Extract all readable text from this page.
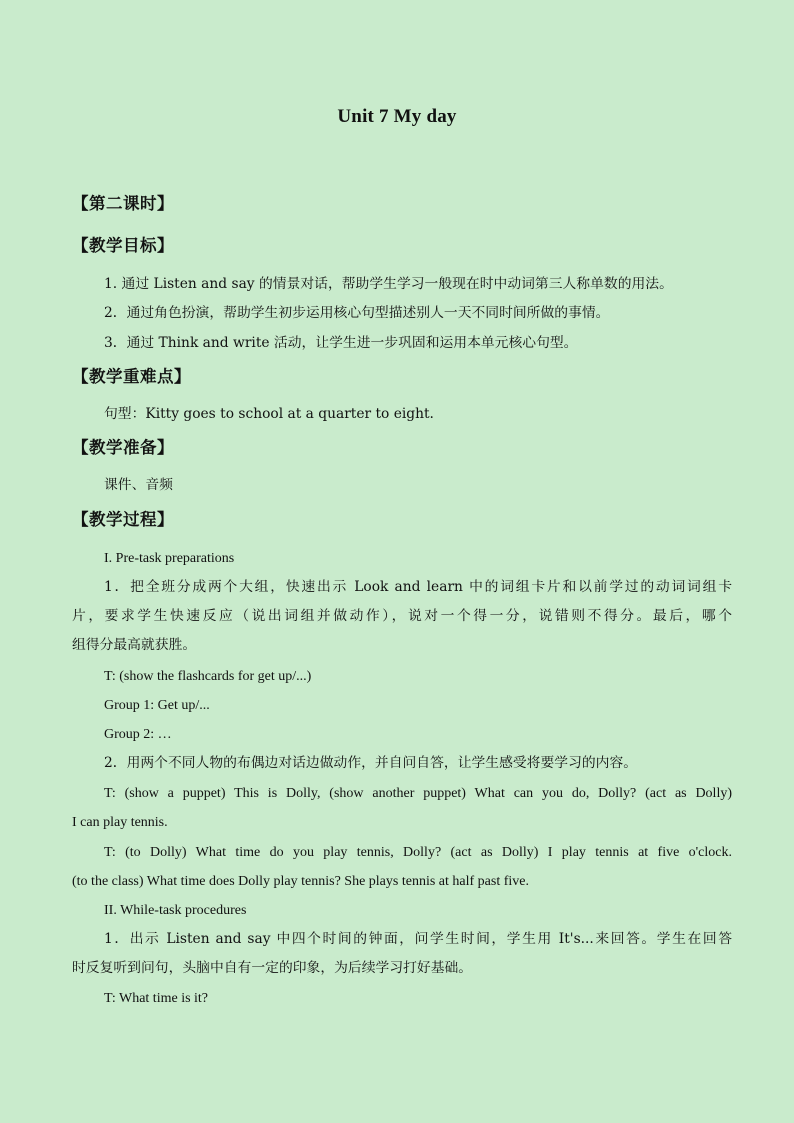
Unit 7 My day
【第二课时】
【教学目标】
1. 通过 Listen and say 的情景对话，帮助学生学习一般现在时中动词第三人称单数的用法。
2．通过角色扮演，帮助学生初步运用核心句型描述别人一天不同时间所做的事情。
3．通过 Think and write 活动，让学生进一步巩固和运用本单元核心句型。
【教学重难点】
句型：Kitty goes to school at a quarter to eight.
【教学准备】
课件、音频
【教学过程】
I. Pre-task preparations
1．把全班分成两个大组，快速出示 Look and learn 中的词组卡片和以前学过的动词词组卡
片，要求学生快速反应（说出词组并做动作），说对一个得一分，说错则不得分。最后，哪个
组得分最高就获胜。
T: (show the flashcards for get up/...)
Group 1: Get up/...
Group 2: …
2．用两个不同人物的布偶边对话边做动作，并自问自答，让学生感受将要学习的内容。
T: (show a puppet) This is Dolly, (show another puppet) What can you do, Dolly? (act as Dolly)
I can play tennis.
T: (to Dolly) What time do you play tennis, Dolly? (act as Dolly) I play tennis at five o'clock.
(to the class) What time does Dolly play tennis? She plays tennis at half past five.
II. While-task procedures
1．出示 Listen and say 中四个时间的钟面，问学生时间，学生用 It's...来回答。学生在回答
时反复听到问句，头脑中自有一定的印象，为后续学习打好基础。
T: What time is it?
